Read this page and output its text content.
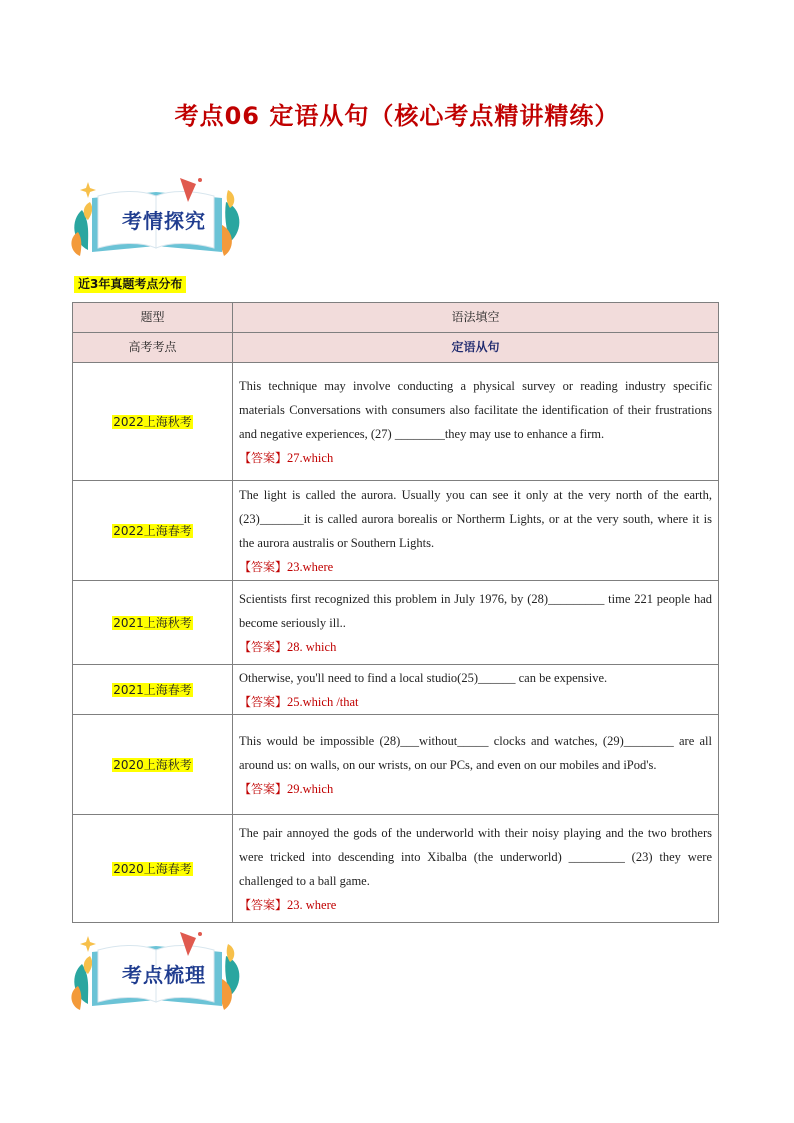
考点06 定语从句（核心考点精讲精练）
考情探究
近3年真题考点分布
题型	语法填空
高考考点	定语从句
2022上海秋考	This technique may involve conducting a physical survey or reading industry specific materials Conversations with consumers also facilitate the identification of their frustrations and negative experiences, (27) ________they may use to enhance a firm.
【答案】27.which

2022上海春考	The light is called the aurora. Usually you can see it only at the very north of the earth,(23)_______it is called aurora borealis or Northerm Lights, or at the very south, where it is the aurora australis or Southern Lights.
【答案】23.where

2021上海秋考	Scientists first recognized this problem in July 1976, by (28)_________ time 221 people had become seriously ill..
【答案】28. which

2021上海春考	Otherwise, you'll need to find a local studio(25)______ can be expensive.
【答案】25.which /that

2020上海秋考	This would be impossible (28)___without_____ clocks and watches, (29)________ are all around us: on walls, on our wrists, on our PCs, and even on our mobiles and iPod's.
【答案】29.which

2020上海春考	The pair annoyed the gods of the underworld with their noisy playing and the two brothers were tricked into descending into Xibalba (the underworld) _________ (23) they were challenged to a ball game.
【答案】23. where
考点梳理
